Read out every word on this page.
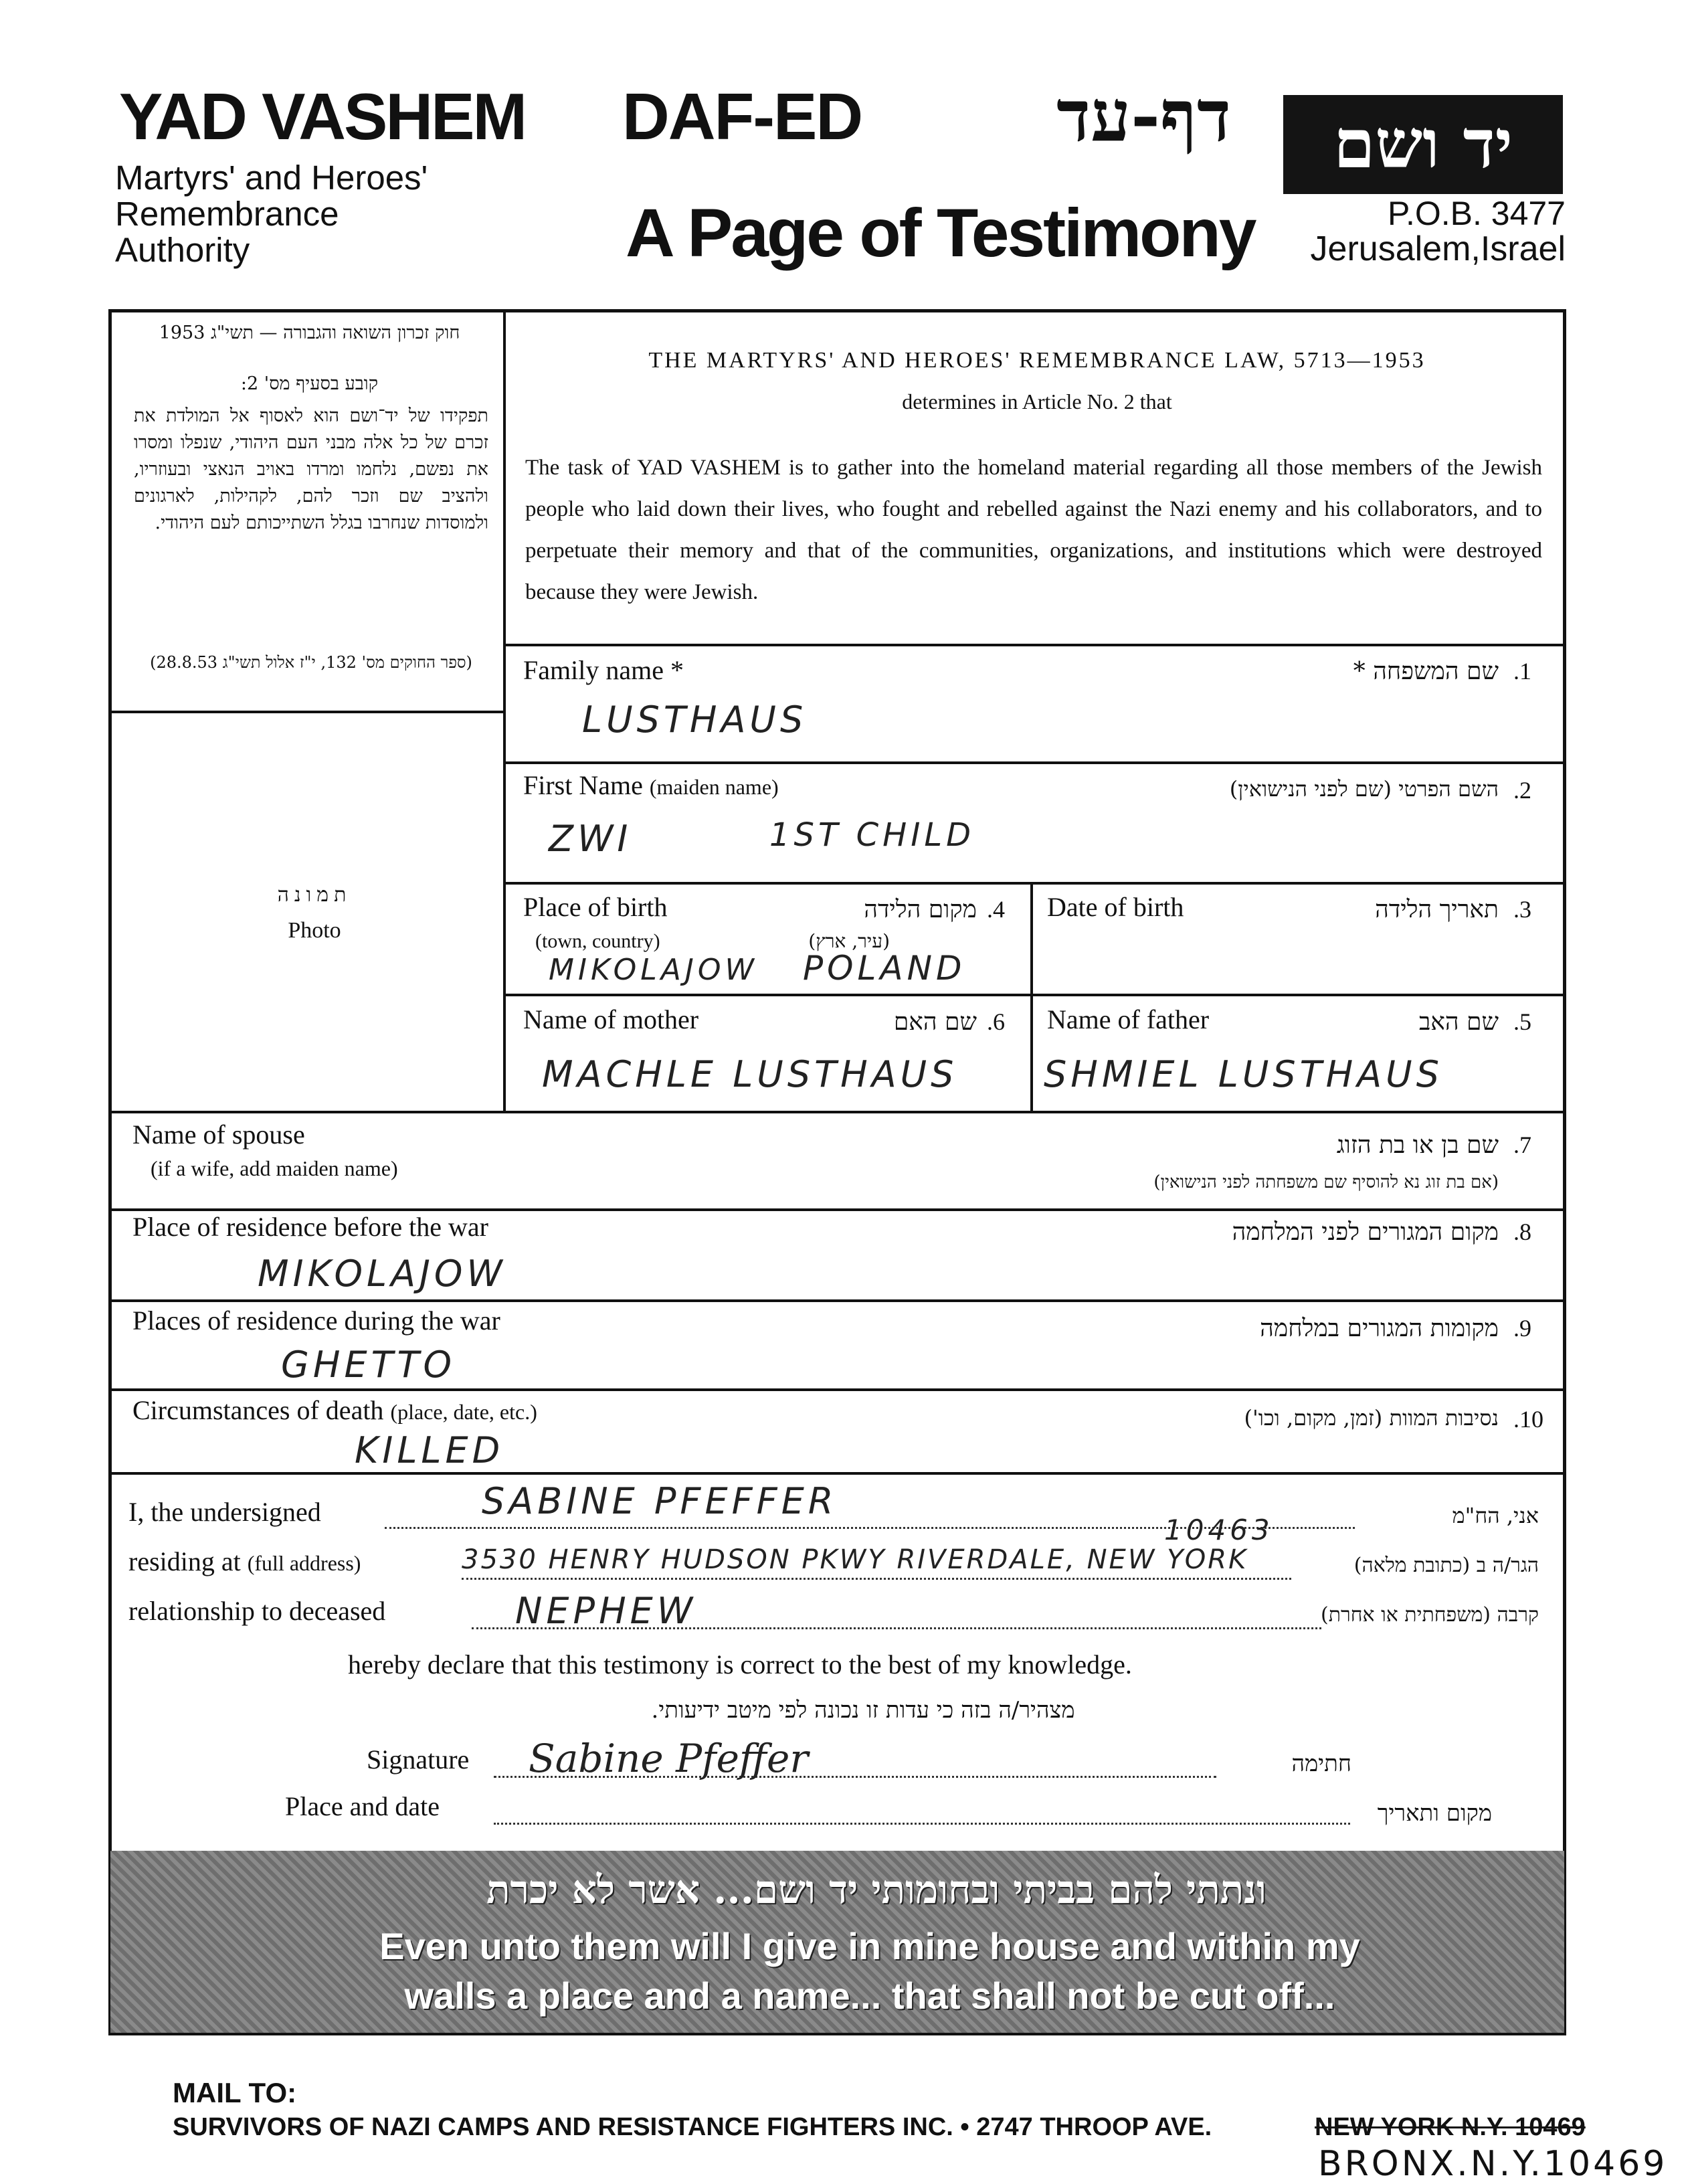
YAD VASHEM
Martyrs' and Heroes'
Remembrance
Authority
DAF-ED	דף-עד
A Page of Testimony
יד ושם
P.O.B. 3477
Jerusalem,Israel
חוק זכרון השואה והגבורה — תשי"ג 1953
קובע בסעיף מס' 2:
תפקידו של יד־ושם הוא לאסוף אל המולדת את זכרם של כל אלה מבני העם היהודי, שנפלו ומסרו את נפשם, נלחמו ומרדו באויב הנאצי ובעוזריו, ולהציב שם וזכר להם, לקהילות, לארגונים ולמוסדות שנחרבו בגלל השתייכותם לעם היהודי.
(ספר החוקים מס' 132, י"ז אלול תשי"ג 28.8.53)
תמונה
Photo
THE MARTYRS' AND HEROES' REMEMBRANCE LAW, 5713—1953
determines in Article No. 2 that
The task of YAD VASHEM is to gather into the homeland material regarding all those members of the Jewish people who laid down their lives, who fought and rebelled against the Nazi enemy and his collaborators, and to perpetuate their memory and that of the communities, organizations, and institutions which were destroyed because they were Jewish.
Family name *	שם המשפחה * .1
LUSTHAUS
First Name (maiden name)	השם הפרטי (שם לפני הנישואין) .2
ZWI	1ST CHILD
Place of birth
(town, country)
מקום הלידה
(עיר, ארץ)
.4
MIKOLAJOW POLAND
Date of birth	תאריך הלידה .3
Name of mother	שם האם .6
MACHLE LUSTHAUS
Name of father	שם האב .5
SHMIEL LUSTHAUS
Name of spouse
(if a wife, add maiden name)
שם בן או בת הזוג
(אם בת זוג נא להוסיף שם משפחתה לפני הנישואין)
.7
Place of residence before the war	מקום המגורים לפני המלחמה .8
MIKOLAJOW
Places of residence during the war	מקומות המגורים במלחמה .9
GHETTO
Circumstances of death (place, date, etc.)	נסיבות המוות (זמן, מקום, וכו') .10
KILLED
I, the undersigned	SABINE PFEFFER
10463	אני, הח"מ
residing at (full address)	3530 HENRY HUDSON PKWY RIVERDALE, NEW YORK	הגר/ה ב (כתובת מלאה)
relationship to deceased	NEPHEW	קרבה (משפחתית או אחרת)
hereby declare that this testimony is correct to the best of my knowledge.
מצהיר/ה בזה כי עדות זו נכונה לפי מיטב ידיעותי.
Signature Sabine Pfeffer	חתימה
Place and date	מקום ותאריך
ונתתי להם בביתי ובחומותי יד ושם... אשר לא יכרת
Even unto them will I give in mine house and within my
walls a place and a name... that shall not be cut off...
MAIL TO:
SURVIVORS OF NAZI CAMPS AND RESISTANCE FIGHTERS INC. • 2747 THROOP AVE.	NEW YORK N.Y. 10469
BRONX.N.Y.10469
